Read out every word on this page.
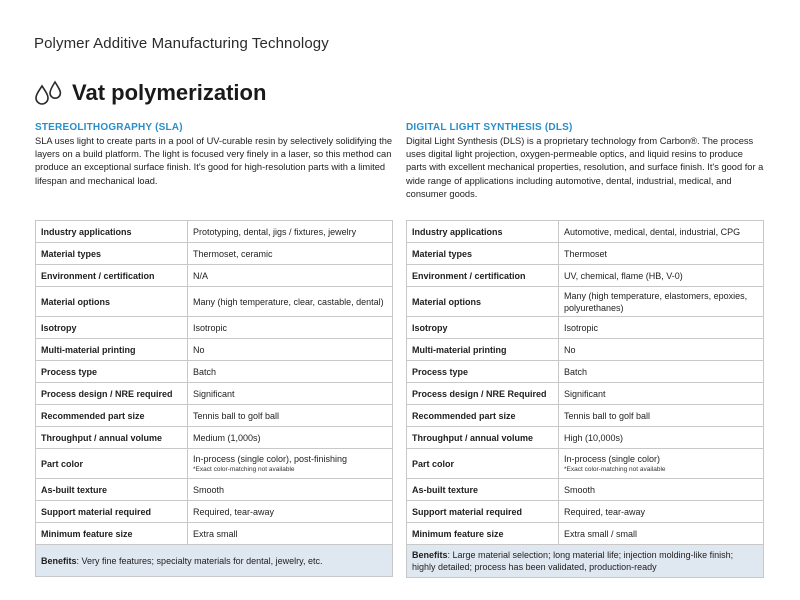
Polymer Additive Manufacturing Technology
Vat polymerization
STEREOLITHOGRAPHY (SLA)
SLA uses light to create parts in a pool of UV-curable resin by selectively solidifying the layers on a build platform. The light is focused very finely in a laser, so this method can produce an exceptional surface finish. It's good for high-resolution parts with a limited lifespan and mechanical load.
DIGITAL LIGHT SYNTHESIS (DLS)
Digital Light Synthesis (DLS) is a proprietary technology from Carbon®. The process uses digital light projection, oxygen-permeable optics, and liquid resins to produce parts with excellent mechanical properties, resolution, and surface finish. It's good for a wide range of applications including automotive, dental, industrial, medical, and consumer goods.
Industry applications	Prototyping, dental, jigs / fixtures, jewelry
Material types	Thermoset, ceramic
Environment / certification	N/A
Material options	Many (high temperature, clear, castable, dental)
Isotropy	Isotropic
Multi-material printing	No
Process type	Batch
Process design / NRE required	Significant
Recommended part size	Tennis ball to golf ball
Throughput / annual volume	Medium (1,000s)
Part color	In-process (single color), post-finishing
*Exact color-matching not available

As-built texture	Smooth
Support material required	Required, tear-away
Minimum feature size	Extra small
Benefits: Very fine features; specialty materials for dental, jewelry, etc.	
Industry applications	Automotive, medical, dental, industrial, CPG
Material types	Thermoset
Environment / certification	UV, chemical, flame (HB, V-0)
Material options	Many (high temperature, elastomers, epoxies, polyurethanes)
Isotropy	Isotropic
Multi-material printing	No
Process type	Batch
Process design / NRE Required	Significant
Recommended part size	Tennis ball to golf ball
Throughput / annual volume	High (10,000s)
Part color	In-process (single color)
*Exact color-matching not available

As-built texture	Smooth
Support material required	Required, tear-away
Minimum feature size	Extra small / small
Benefits: Large material selection; long material life; injection molding-like finish; highly detailed; process has been validated, production-ready	
